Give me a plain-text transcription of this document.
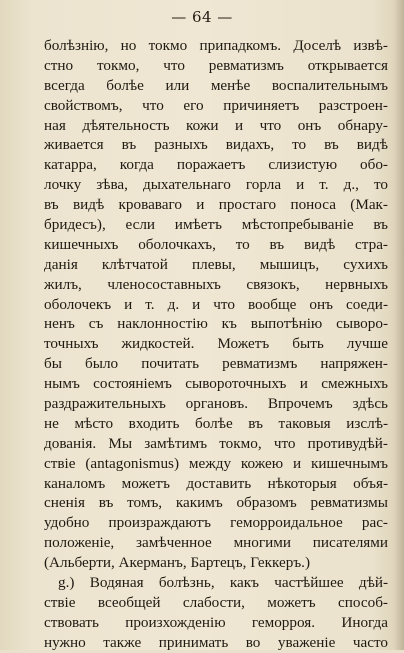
— 64 —
болѣзнію, но токмо припадкомъ. Доселѣ извѣ-
стно токмо, что ревматизмъ открывается
всегда болѣе или менѣе воспалительнымъ
свойствомъ, что его причиняетъ разстроен-
ная дѣятельность кожи и что онъ обнару-
живается въ разныхъ видахъ, то въ видѣ
катарра, когда поражаетъ слизистую обо-
лочку зѣва, дыхательнаго горла и т. д., то
въ видѣ кроваваго и простаго поноса (Мак-
бридесъ), если имѣетъ мѣстопребываніе въ
кишечныхъ оболочкахъ, то въ видѣ стра-
данія клѣтчатой плевы, мышицъ, сухихъ
жилъ, членосоставныхъ связокъ, нервныхъ
оболочекъ и т. д. и что вообще онъ соеди-
ненъ съ наклонностію къ выпотѣнію сыворо-
точныхъ жидкостей. Можетъ быть лучше
бы было почитать ревматизмъ напряжен-
нымъ состояніемъ сывороточныхъ и смежныхъ
раздражительныхъ органовъ. Впрочемъ здѣсь
не мѣсто входить болѣе въ таковыя изслѣ-
дованія. Мы замѣтимъ токмо, что противудѣй-
ствіе (antagonismus) между кожею и кишечнымъ
каналомъ можетъ доставить нѣкоторыя объя-
сненія въ томъ, какимъ образомъ ревматизмы
удобно произраждаютъ геморроидальное рас-
положеніе, замѣченное многими писателями
(Альберти, Акерманъ, Бартецъ, Геккеръ.)
g.) Водяная болѣзнь, какъ частѣйшее дѣй-
ствіе всеобщей слабости, можетъ способ-
ствовать произхожденію геморроя. Иногда
нужно также принимать во уваженіе часто
